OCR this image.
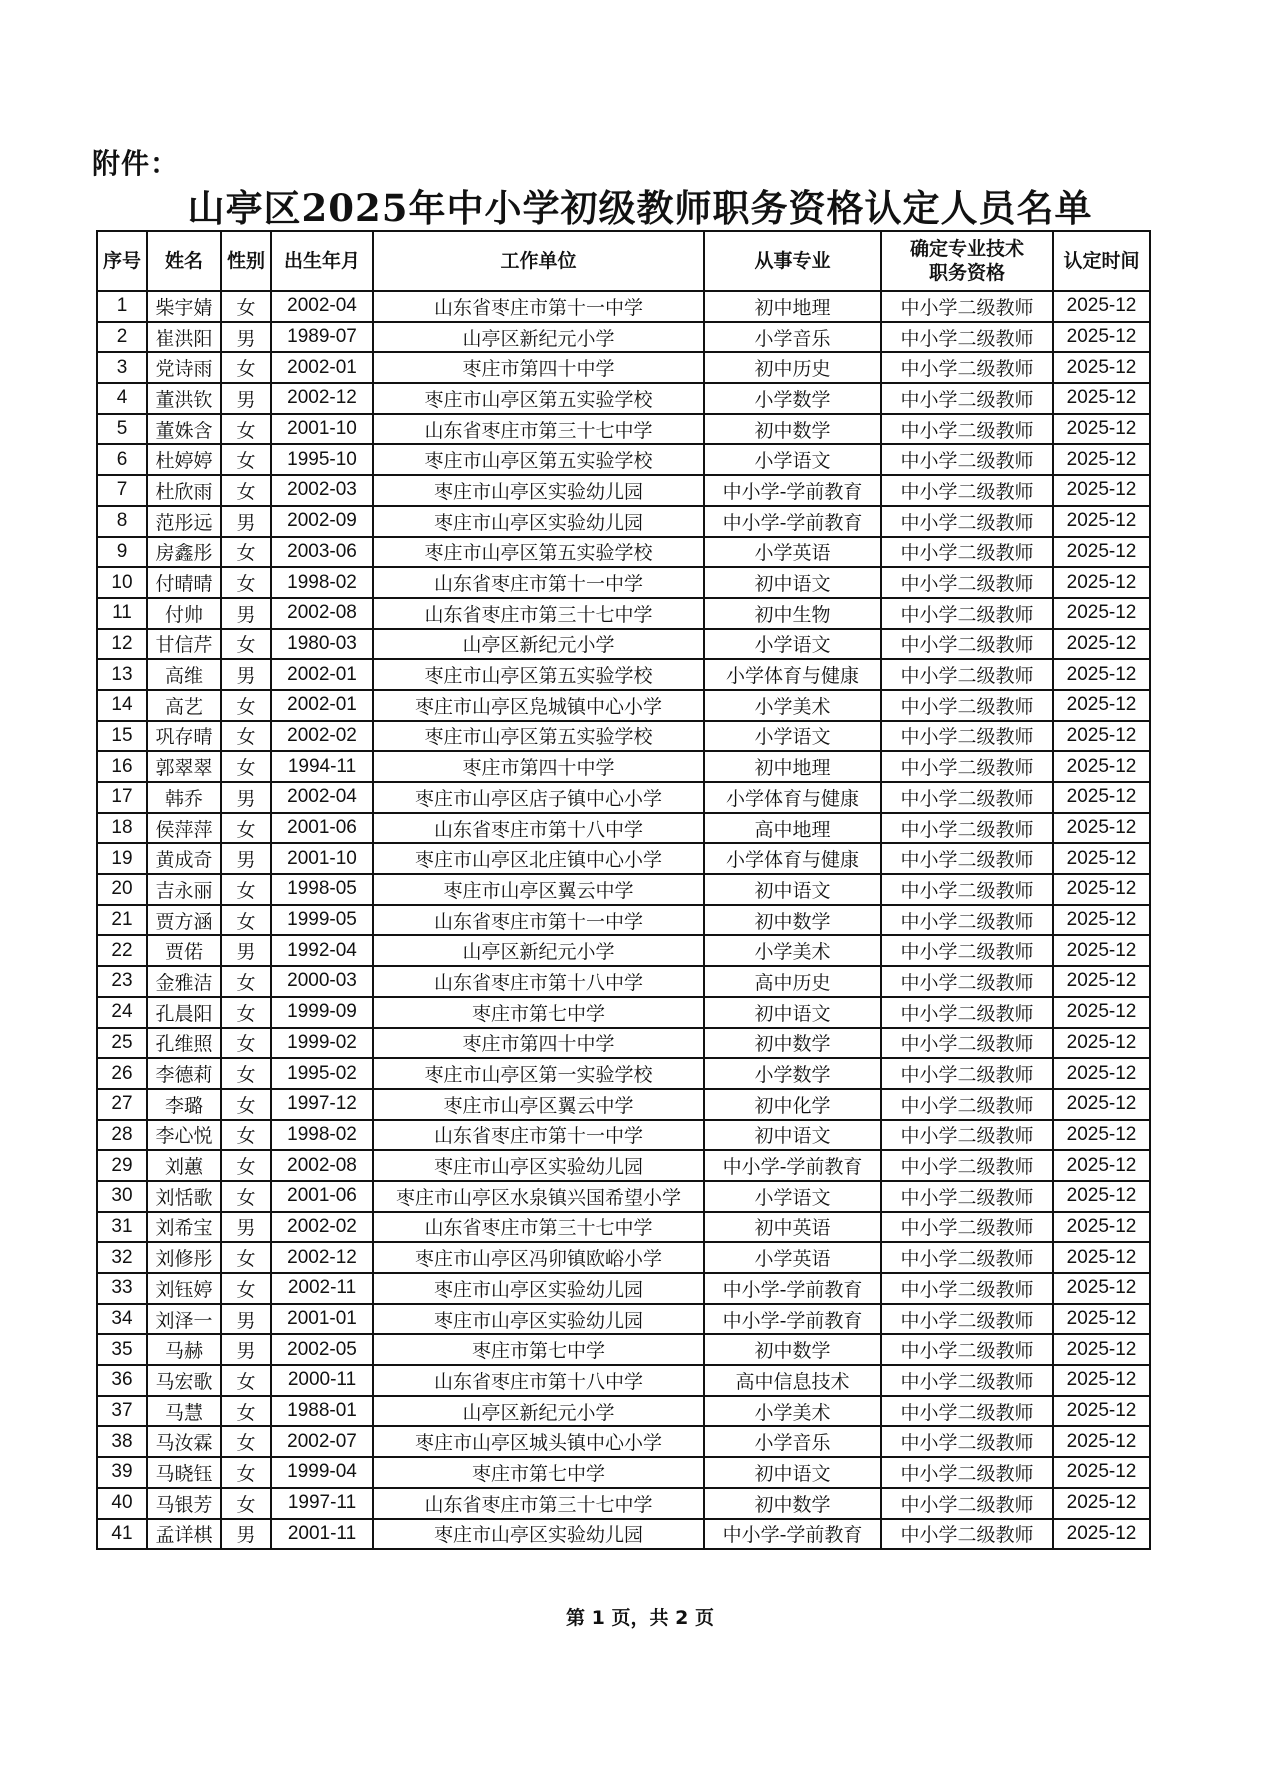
附件：
山亭区2025年中小学初级教师职务资格认定人员名单
序号	姓名	性别	出生年月	工作单位	从事专业	确定专业技术职务资格	认定时间
1	柴宇婧	女	2002-04	山东省枣庄市第十一中学	初中地理	中小学二级教师	2025-12
2	崔洪阳	男	1989-07	山亭区新纪元小学	小学音乐	中小学二级教师	2025-12
3	党诗雨	女	2002-01	枣庄市第四十中学	初中历史	中小学二级教师	2025-12
4	董洪钦	男	2002-12	枣庄市山亭区第五实验学校	小学数学	中小学二级教师	2025-12
5	董姝含	女	2001-10	山东省枣庄市第三十七中学	初中数学	中小学二级教师	2025-12
6	杜婷婷	女	1995-10	枣庄市山亭区第五实验学校	小学语文	中小学二级教师	2025-12
7	杜欣雨	女	2002-03	枣庄市山亭区实验幼儿园	中小学-学前教育	中小学二级教师	2025-12
8	范彤远	男	2002-09	枣庄市山亭区实验幼儿园	中小学-学前教育	中小学二级教师	2025-12
9	房鑫彤	女	2003-06	枣庄市山亭区第五实验学校	小学英语	中小学二级教师	2025-12
10	付晴晴	女	1998-02	山东省枣庄市第十一中学	初中语文	中小学二级教师	2025-12
11	付帅	男	2002-08	山东省枣庄市第三十七中学	初中生物	中小学二级教师	2025-12
12	甘信芹	女	1980-03	山亭区新纪元小学	小学语文	中小学二级教师	2025-12
13	高维	男	2002-01	枣庄市山亭区第五实验学校	小学体育与健康	中小学二级教师	2025-12
14	高艺	女	2002-01	枣庄市山亭区凫城镇中心小学	小学美术	中小学二级教师	2025-12
15	巩存晴	女	2002-02	枣庄市山亭区第五实验学校	小学语文	中小学二级教师	2025-12
16	郭翠翠	女	1994-11	枣庄市第四十中学	初中地理	中小学二级教师	2025-12
17	韩乔	男	2002-04	枣庄市山亭区店子镇中心小学	小学体育与健康	中小学二级教师	2025-12
18	侯萍萍	女	2001-06	山东省枣庄市第十八中学	高中地理	中小学二级教师	2025-12
19	黄成奇	男	2001-10	枣庄市山亭区北庄镇中心小学	小学体育与健康	中小学二级教师	2025-12
20	吉永丽	女	1998-05	枣庄市山亭区翼云中学	初中语文	中小学二级教师	2025-12
21	贾方涵	女	1999-05	山东省枣庄市第十一中学	初中数学	中小学二级教师	2025-12
22	贾偌	男	1992-04	山亭区新纪元小学	小学美术	中小学二级教师	2025-12
23	金雅洁	女	2000-03	山东省枣庄市第十八中学	高中历史	中小学二级教师	2025-12
24	孔晨阳	女	1999-09	枣庄市第七中学	初中语文	中小学二级教师	2025-12
25	孔维照	女	1999-02	枣庄市第四十中学	初中数学	中小学二级教师	2025-12
26	李德莉	女	1995-02	枣庄市山亭区第一实验学校	小学数学	中小学二级教师	2025-12
27	李璐	女	1997-12	枣庄市山亭区翼云中学	初中化学	中小学二级教师	2025-12
28	李心悦	女	1998-02	山东省枣庄市第十一中学	初中语文	中小学二级教师	2025-12
29	刘蕙	女	2002-08	枣庄市山亭区实验幼儿园	中小学-学前教育	中小学二级教师	2025-12
30	刘恬歌	女	2001-06	枣庄市山亭区水泉镇兴国希望小学	小学语文	中小学二级教师	2025-12
31	刘希宝	男	2002-02	山东省枣庄市第三十七中学	初中英语	中小学二级教师	2025-12
32	刘修彤	女	2002-12	枣庄市山亭区冯卯镇欧峪小学	小学英语	中小学二级教师	2025-12
33	刘钰婷	女	2002-11	枣庄市山亭区实验幼儿园	中小学-学前教育	中小学二级教师	2025-12
34	刘泽一	男	2001-01	枣庄市山亭区实验幼儿园	中小学-学前教育	中小学二级教师	2025-12
35	马赫	男	2002-05	枣庄市第七中学	初中数学	中小学二级教师	2025-12
36	马宏歌	女	2000-11	山东省枣庄市第十八中学	高中信息技术	中小学二级教师	2025-12
37	马慧	女	1988-01	山亭区新纪元小学	小学美术	中小学二级教师	2025-12
38	马汝霖	女	2002-07	枣庄市山亭区城头镇中心小学	小学音乐	中小学二级教师	2025-12
39	马晓钰	女	1999-04	枣庄市第七中学	初中语文	中小学二级教师	2025-12
40	马银芳	女	1997-11	山东省枣庄市第三十七中学	初中数学	中小学二级教师	2025-12
41	孟详棋	男	2001-11	枣庄市山亭区实验幼儿园	中小学-学前教育	中小学二级教师	2025-12
第 1 页，共 2 页
